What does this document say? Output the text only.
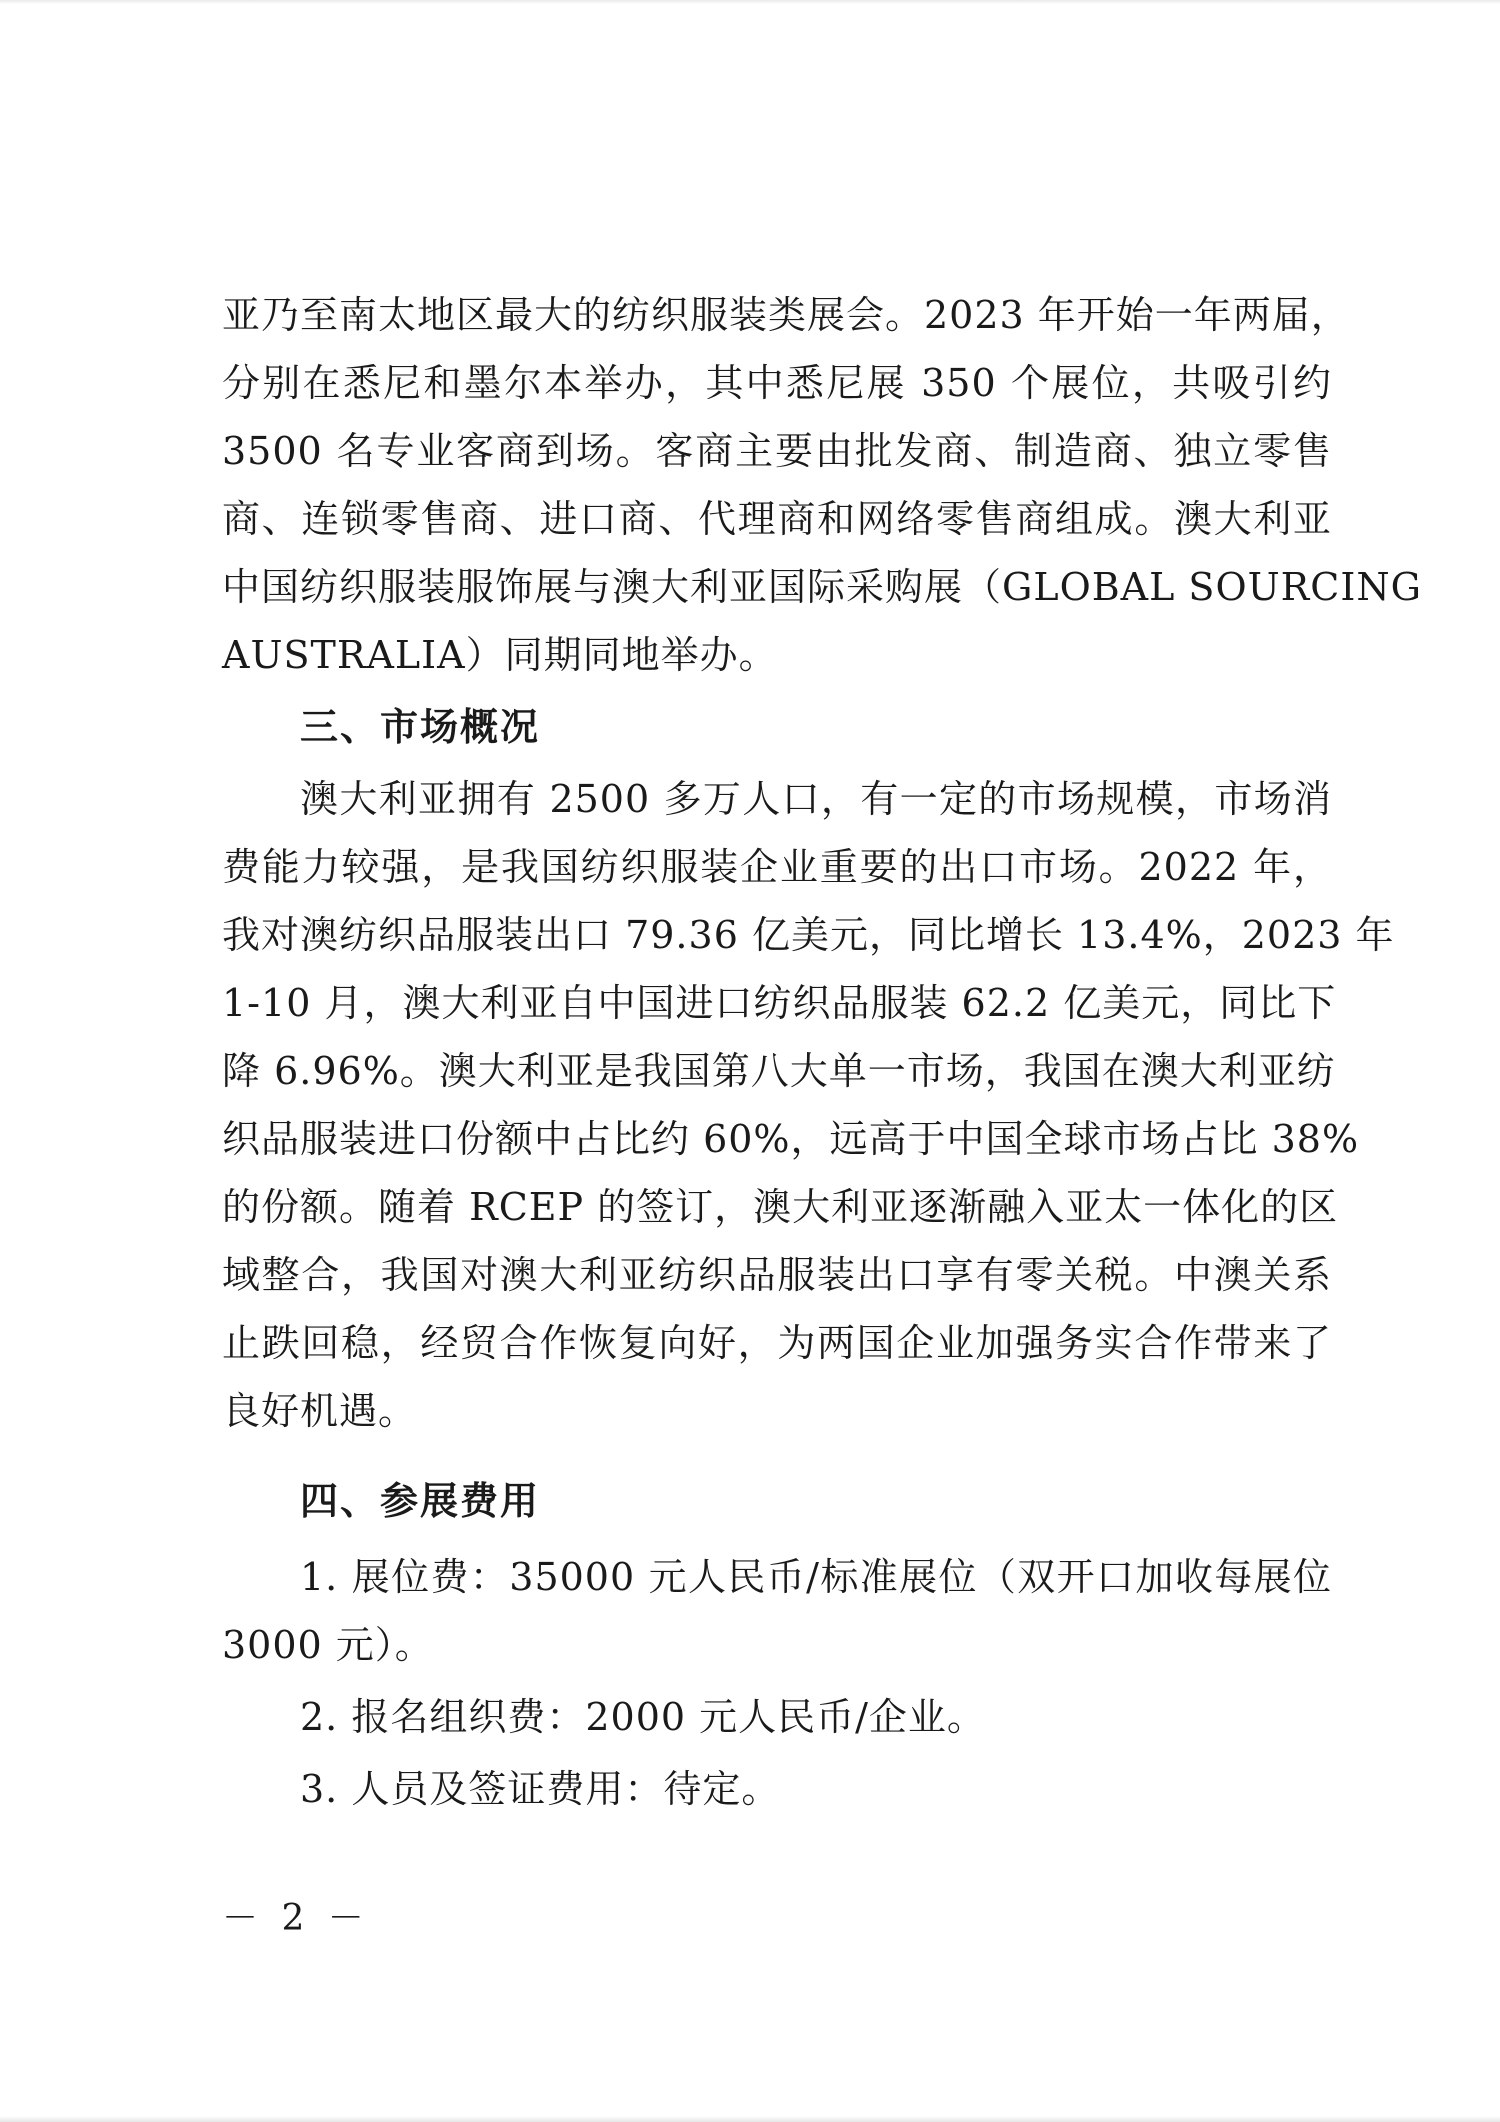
亚乃至南太地区最大的纺织服装类展会。2023 年开始一年两届，
分别在悉尼和墨尔本举办，其中悉尼展 350 个展位，共吸引约
3500 名专业客商到场。客商主要由批发商、制造商、独立零售
商、连锁零售商、进口商、代理商和网络零售商组成。澳大利亚
中国纺织服装服饰展与澳大利亚国际采购展（GLOBAL SOURCING
AUSTRALIA）同期同地举办。
三、市场概况
澳大利亚拥有 2500 多万人口，有一定的市场规模，市场消
费能力较强，是我国纺织服装企业重要的出口市场。2022 年，
我对澳纺织品服装出口 79.36 亿美元，同比增长 13.4%，2023 年
1-10 月，澳大利亚自中国进口纺织品服装 62.2 亿美元，同比下
降 6.96%。澳大利亚是我国第八大单一市场，我国在澳大利亚纺
织品服装进口份额中占比约 60%，远高于中国全球市场占比 38%
的份额。随着 RCEP 的签订，澳大利亚逐渐融入亚太一体化的区
域整合，我国对澳大利亚纺织品服装出口享有零关税。中澳关系
止跌回稳，经贸合作恢复向好，为两国企业加强务实合作带来了
良好机遇。
四、参展费用
1. 展位费：35000 元人民币/标准展位（双开口加收每展位
3000 元）。
2. 报名组织费：2000 元人民币/企业。
3. 人员及签证费用：待定。
－ 2 －
